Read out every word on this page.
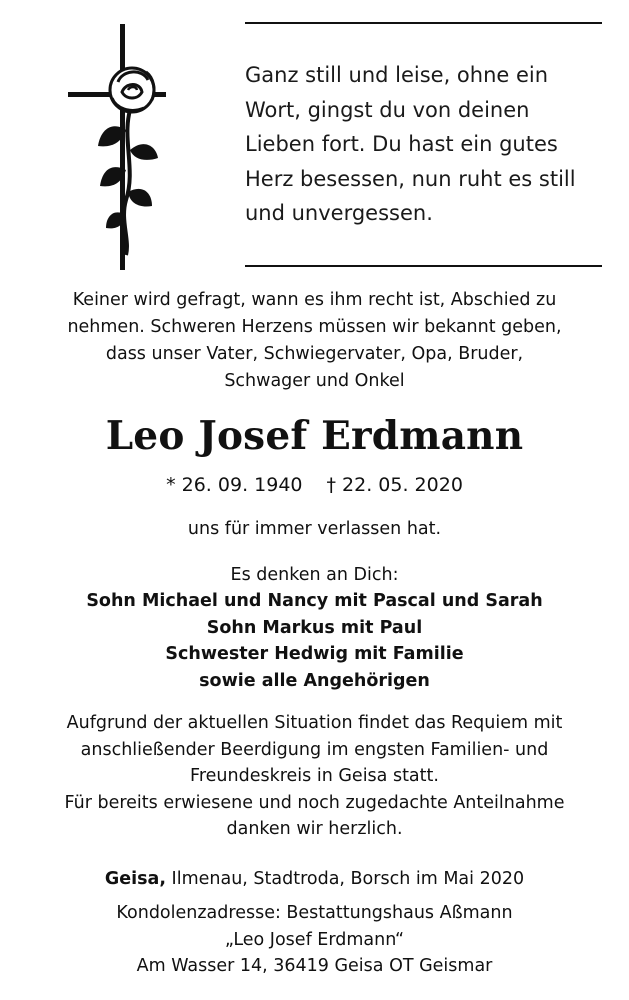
Ganz still und leise, ohne ein
Wort, gingst du von deinen
Lieben fort. Du hast ein gutes
Herz besessen, nun ruht es still
und unvergessen.
Keiner wird gefragt, wann es ihm recht ist, Abschied zu
nehmen. Schweren Herzens müssen wir bekannt geben,
dass unser Vater, Schwiegervater, Opa, Bruder,
Schwager und Onkel
Leo Josef Erdmann
* 26. 09. 1940 † 22. 05. 2020
uns für immer verlassen hat.
Es denken an Dich:
Sohn Michael und Nancy mit Pascal und Sarah
Sohn Markus mit Paul
Schwester Hedwig mit Familie
sowie alle Angehörigen
Aufgrund der aktuellen Situation findet das Requiem mit
anschließender Beerdigung im engsten Familien- und
Freundeskreis in Geisa statt.
Für bereits erwiesene und noch zugedachte Anteilnahme
danken wir herzlich.
Geisa, Ilmenau, Stadtroda, Borsch im Mai 2020
Kondolenzadresse: Bestattungshaus Aßmann
„Leo Josef Erdmann“
Am Wasser 14, 36419 Geisa OT Geismar
